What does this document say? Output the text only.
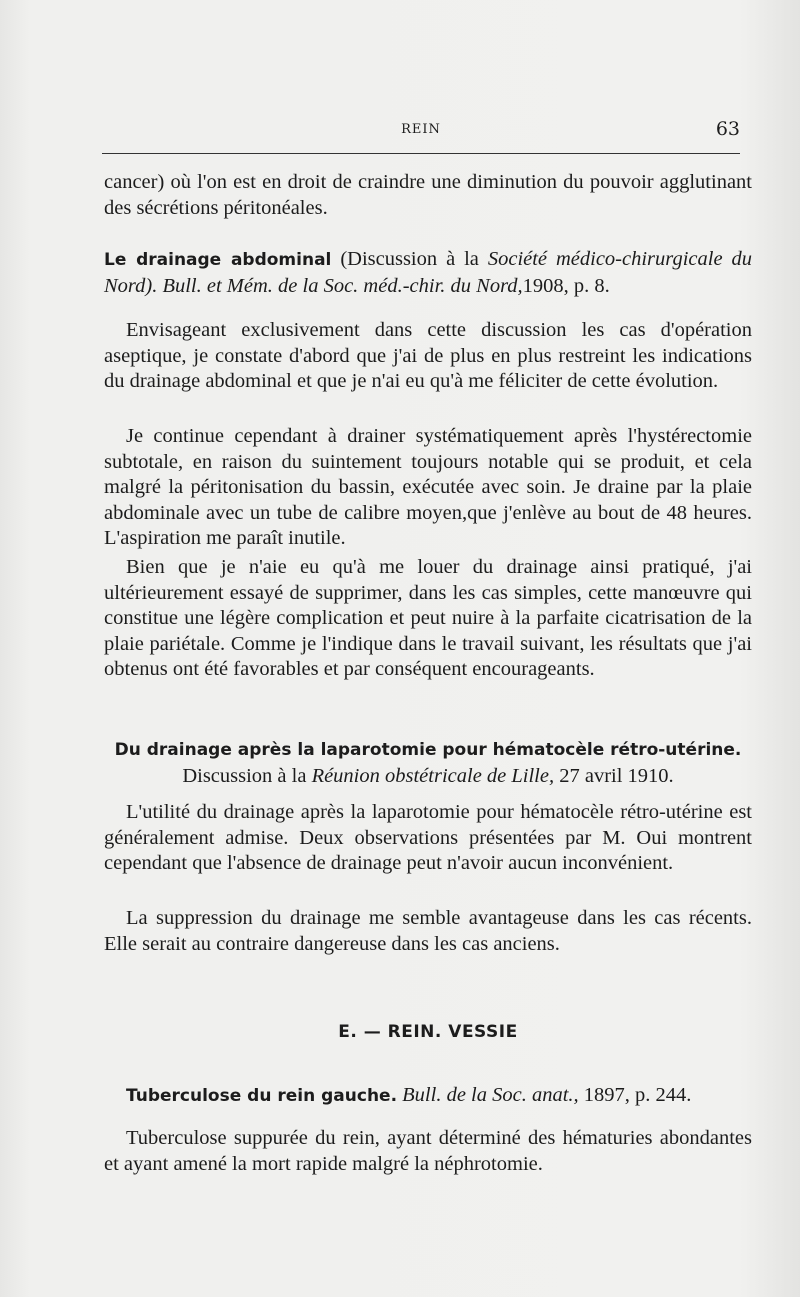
REIN	63

cancer) où l'on est en droit de craindre une diminution du pouvoir agglutinant des sécrétions péritonéales.

Le drainage abdominal (Discussion à la Société médico-chirurgicale du Nord). Bull. et Mém. de la Soc. méd.-chir. du Nord,1908, p. 8.

Envisageant exclusivement dans cette discussion les cas d'opération aseptique, je constate d'abord que j'ai de plus en plus restreint les indications du drainage abdominal et que je n'ai eu qu'à me féliciter de cette évolution.

Je continue cependant à drainer systématiquement après l'hystérectomie subtotale, en raison du suintement toujours notable qui se produit, et cela malgré la péritonisation du bassin, exécutée avec soin. Je draine par la plaie abdominale avec un tube de calibre moyen,que j'enlève au bout de 48 heures. L'aspiration me paraît inutile.

Bien que je n'aie eu qu'à me louer du drainage ainsi pratiqué, j'ai ultérieurement essayé de supprimer, dans les cas simples, cette manœuvre qui constitue une légère complication et peut nuire à la parfaite cicatrisation de la plaie pariétale. Comme je l'indique dans le travail suivant, les résultats que j'ai obtenus ont été favorables et par conséquent encourageants.

Du drainage après la laparotomie pour hématocèle rétro-utérine.
Discussion à la Réunion obstétricale de Lille, 27 avril 1910.

L'utilité du drainage après la laparotomie pour hématocèle rétro-utérine est généralement admise. Deux observations présentées par M. Oui montrent cependant que l'absence de drainage peut n'avoir aucun inconvénient.

La suppression du drainage me semble avantageuse dans les cas récents. Elle serait au contraire dangereuse dans les cas anciens.

E. — REIN. VESSIE

Tuberculose du rein gauche. Bull. de la Soc. anat., 1897, p. 244.

Tuberculose suppurée du rein, ayant déterminé des hématuries abondantes et ayant amené la mort rapide malgré la néphrotomie.
